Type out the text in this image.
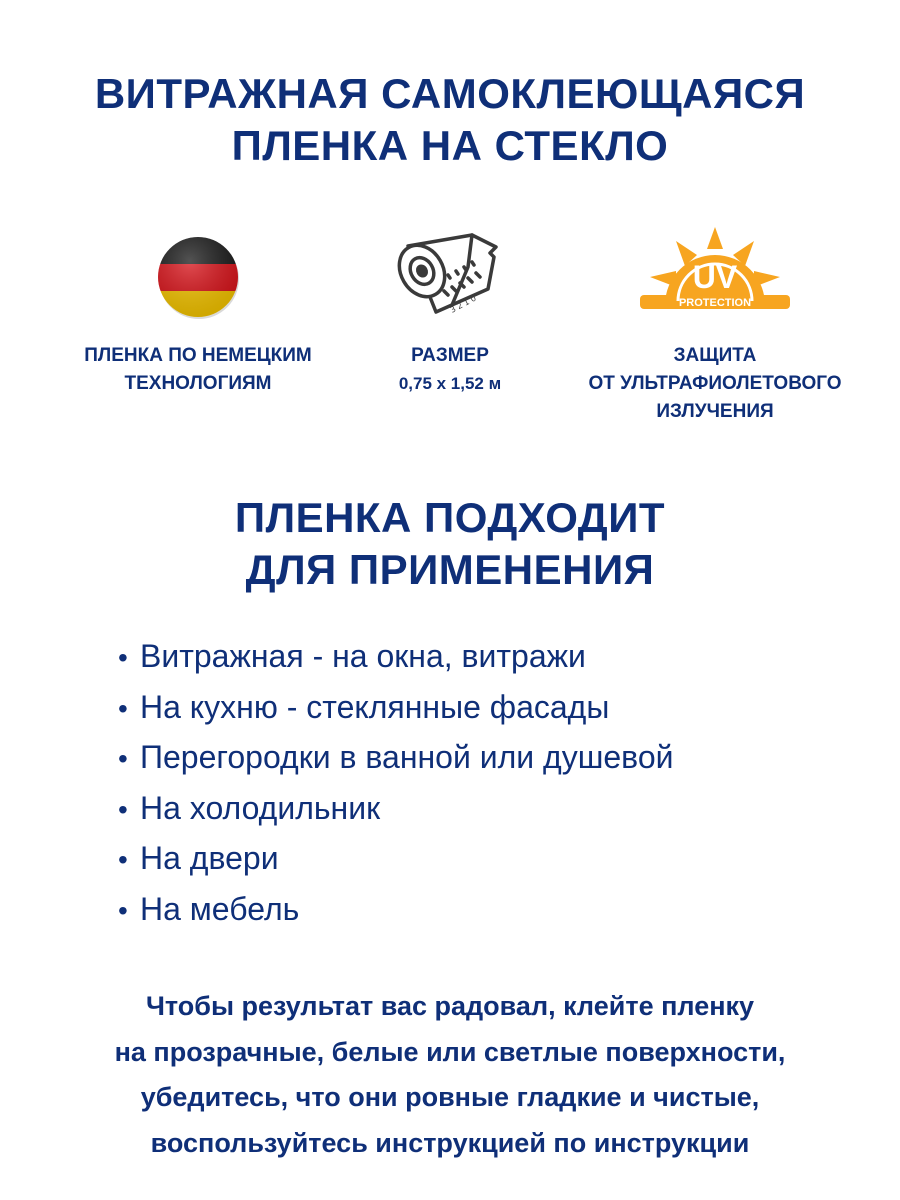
ВИТРАЖНАЯ САМОКЛЕЮЩАЯСЯ
ПЛЕНКА НА СТЕКЛО
ПЛЕНКА ПО НЕМЕЦКИМ
ТЕХНОЛОГИЯМ
3 2 1 0
РАЗМЕР
0,75 х 1,52 м
UV
PROTECTION
ЗАЩИТА
ОТ УЛЬТРАФИОЛЕТОВОГО
ИЗЛУЧЕНИЯ
ПЛЕНКА ПОДХОДИТ
ДЛЯ ПРИМЕНЕНИЯ
• Витражная - на окна, витражи
• На кухню - стеклянные фасады
• Перегородки в ванной или душевой
• На холодильник
• На двери
• На мебель

Чтобы результат вас радовал, клейте пленку
на прозрачные, белые или светлые поверхности,
убедитесь, что они ровные гладкие и чистые,
воспользуйтесь инструкцией по инструкции
